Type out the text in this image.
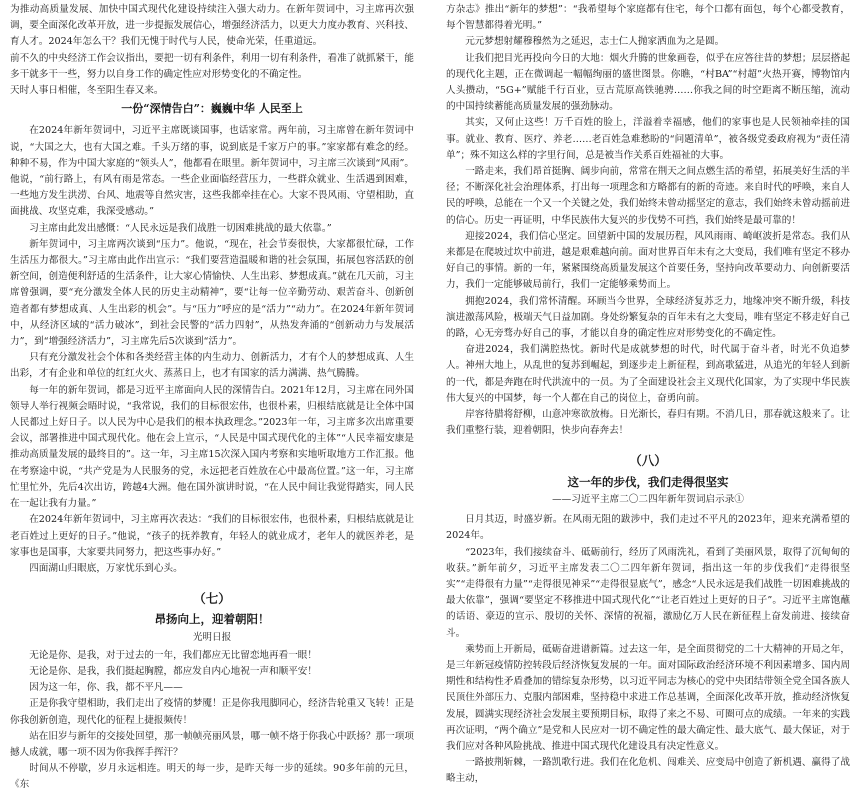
为推动高质量发展、加快中国式现代化建设持续注入强大动力。在新年贺词中，习主席再次强调，要全面深化改革开放，进一步提振发展信心，增强经济活力，以更大力度办教育、兴科技、育人才。2024年怎么干？我们无愧于时代与人民，使命光荣，任重道远。

前不久的中央经济工作会议指出，要把一切有利条件，利用一切有利条件，看准了就抓紧干，能多干就多干一些，努力以自身工作的确定性应对形势变化的不确定性。

天时人事日相催，冬至阳生春又来。

一份“深情告白”：巍巍中华 人民至上

在2024年新年贺词中，习近平主席既谈国事，也话家常。两年前，习主席曾在新年贺词中说，“大国之大，也有大国之难。千头万绪的事，说到底是千家万户的事。”家家都有难念的经。种种不易，作为中国大家庭的“领头人”，他都看在眼里。新年贺词中，习主席三次谈到“风雨”。他说，“前行路上，有风有雨是常态。一些企业面临经营压力，一些群众就业、生活遇到困难，一些地方发生洪涝、台风、地震等自然灾害，这些我都牵挂在心。大家不畏风雨、守望相助，直面挑战、攻坚克难，我深受感动。”

习主席由此发出感慨：“人民永远是我们战胜一切困难挑战的最大依靠。”

新年贺词中，习主席两次谈到“压力”。他说，“现在，社会节奏很快，大家都很忙碌，工作生活压力都很大。”习主席由此作出宣示：“我们要营造温暖和谐的社会氛围，拓展包容活跃的创新空间，创造便利舒适的生活条件，让大家心情愉快、人生出彩、梦想成真。”就在几天前，习主席曾强调，要“充分激发全体人民的历史主动精神”，要“让每一位辛勤劳动、艰苦奋斗、创新创造者都有梦想成真、人生出彩的机会”。与“压力”呼应的是“活力”“动力”。在2024年新年贺词中，从经济区域的“活力破冰”，到社会民警的“活力四射”，从热发奔涌的“创新动力与发展活力”，到“增强经济活力”，习主席先后5次谈到“活力”。

只有充分激发社会个体和各类经营主体的内生动力、创新活力，才有个人的梦想成真、人生出彩，才有企业和单位的红红火火、蒸蒸日上，也才有国家的活力满满、热气腾腾。

每一年的新年贺词，都是习近平主席面向人民的深情告白。2021年12月，习主席在同外国领导人举行视频会晤时说，“我常说，我们的目标很宏伟，也很朴素，归根结底就是让全体中国人民都过上好日子。以人民为中心是我们的根本执政理念。”2023年一年，习主席多次出席重要会议，部署推进中国式现代化。他在会上宣示，“人民是中国式现代化的主体”“人民幸福安康是推动高质量发展的最终目的”。这一年，习主席15次深入国内考察和实地听取地方工作汇报。他在考察途中说，“共产党是为人民服务的党，永远把老百姓放在心中最高位置。”这一年，习主席忙里忙外，先后4次出访，跨越4大洲。他在国外演讲时说，“在人民中间让我觉得踏实，同人民在一起让我有力量。”

在2024年新年贺词中，习主席再次表达：“我们的目标很宏伟，也很朴素，归根结底就是让老百姓过上更好的日子。”他说，“孩子的抚养教育，年轻人的就业成才，老年人的就医养老，是家事也是国事，大家要共同努力，把这些事办好。”

四面湖山归眼底，万家忧乐到心头。

（七）
昂扬向上，迎着朝阳！
光明日报

无论是你、是我，对于过去的一年，我们都应无比留恋地再看一眼！

无论是你、是我，我们挺起胸膛，都应发自内心地祝一声和顺平安！

因为这一年，你、我，都不平凡——

正是你我守望相助，我们走出了疫情的梦魇！正是你我甩脚同心，经济告轮重又飞转！正是你我创新创造，现代化的征程上捷报频传！

站在旧岁与新年的交接处回望，那一帧帧亮丽风景，哪一帧不烙于你我心中跃扬？那一项项撼人成就，哪一项不因为你我挥手挥汗？

时间从不停歇，岁月永远相连。明天的每一步，是昨天每一步的延续。90多年前的元旦，《东

方杂志》推出“新年的梦想”：“我希望每个家庭都有住宅，每个口都有面包，每个心都受教育，每个智慧都得着光明。”

元元梦想射耀穆穆然为之延迟，志士仁人抛家洒血为之是圆。

让我们把目光再投向今日的大地：烟火升腾的世象画卷，似乎在应答往昔的梦想；层层搭起的现代化主题，正在微调起一幅幅绚丽的盛世图景。你瞧，“村BA”“村超”火热开赛，博物馆内人头攒动，“5G+”赋能千行百业，豆古荒原高铁驰骋……你我之间的时空距离不断压缩，流动的中国持续蓄能高质量发展的强劲脉动。

其实，又何止这些！万千百姓的脸上，洋溢着幸福感，他们的家事也是人民领袖牵挂的国事。就业、教育、医疗、养老……老百姓急难愁盼的“问题清单”，被各级党委政府视为“责任清单”；殊不知这么样的字里行间，总是被当作关系百姓福祉的大事。

一路走来，我们昂首挺胸、阔步向前，常常在荆天之间点燃生活的希望，拓展美好生活的半径；不断深化社会治理体系，打出每一项理念和方略都有的新的奇迹。来自时代的呼唤，来自人民的呼唤，总能在一个又一个关键之处，我们始终未曾动摇坚定的意志，我们始终未曾动摇前进的信心。历史一再证明，中华民族伟大复兴的步伐势不可挡，我们始终是最可靠的！

迎接2024，我们信心坚定。回望新中国的发展历程，风风雨雨、崎岖波折是常态。我们从来都是在爬坡过坎中前进，越是艰难越向前。面对世界百年未有之大变局，我们唯有坚定不移办好自己的事情。新的一年，紧紧围绕高质量发展这个首要任务，坚持向改革要动力、向创新要活力，我们一定能够破局前行，我们一定能够乘势而上。

拥抱2024，我们常怀清醒。环顾当今世界，全球经济复苏乏力，地缘冲突不断升级，科技演进激荡风险，极端天气日益加剧。身处纷繁复杂的百年未有之大变局，唯有坚定不移走好自己的路，心无旁骛办好自己的事，才能以自身的确定性应对形势变化的不确定性。

奋进2024，我们满腔热忱。新时代是成就梦想的时代，时代属于奋斗者，时光不负追梦人。神州大地上，从乱世的复苏到崛起，到逐步走上新征程，到高歌猛进，从追光的年轻人到新的一代，都是奔跑在时代洪流中的一员。为了全面建设社会主义现代化国家，为了实现中华民族伟大复兴的中国梦，每一个人都在自己的岗位上，奋勇向前。

岸容待腊将舒柳，山意冲寒欲放梅。日光渐长，春归有期。不消几日，那春就这般来了。让我们重整行装，迎着朝阳，快步向春奔去！

（八）
这一年的步伐，我们走得很坚实
——习近平主席二〇二四年新年贺词启示录①

日月其迈，时盛岁新。在风雨无阻的跋涉中，我们走过不平凡的2023年，迎来充满希望的2024年。

“2023年，我们接续奋斗、砥砺前行，经历了风雨洗礼，看到了美丽风景，取得了沉甸甸的收获。”新年前夕，习近平主席发表二〇二四年新年贺词，指出这一年的步伐我们“走得很坚实”“走得很有力量”“走得很见神采”“走得很显底气”，感念“人民永远是我们战胜一切困难挑战的最大依靠”，强调“要坚定不移推进中国式现代化”“让老百姓过上更好的日子”。习近平主席饱蘸的话语、豪迈的宣示、殷切的关怀、深情的祝福，激励亿万人民在新征程上奋发前进、接续奋斗。

乘势而上开新局，砥砺奋进谱新篇。过去这一年，是全面贯彻党的二十大精神的开局之年，是三年新冠疫情防控转段后经济恢复发展的一年。面对国际政治经济环境不利因素增多、国内周期性和结构性矛盾叠加的错综复杂形势，以习近平同志为核心的党中央团结带领全党全国各族人民顶住外部压力、克服内部困难，坚持稳中求进工作总基调，全面深化改革开放，推动经济恢复发展，圆满实现经济社会发展主要预期目标，取得了来之不易、可圈可点的成绩。一年来的实践再次证明，“两个确立”是党和人民应对一切不确定性的最大确定性、最大底气、最大保证，对于我们应对各种风险挑战、推进中国式现代化建设具有决定性意义。

一路披荆斩棘，一路凯歌行进。我们在化危机、闯难关、应变局中创造了新机遇、赢得了战略主动，
